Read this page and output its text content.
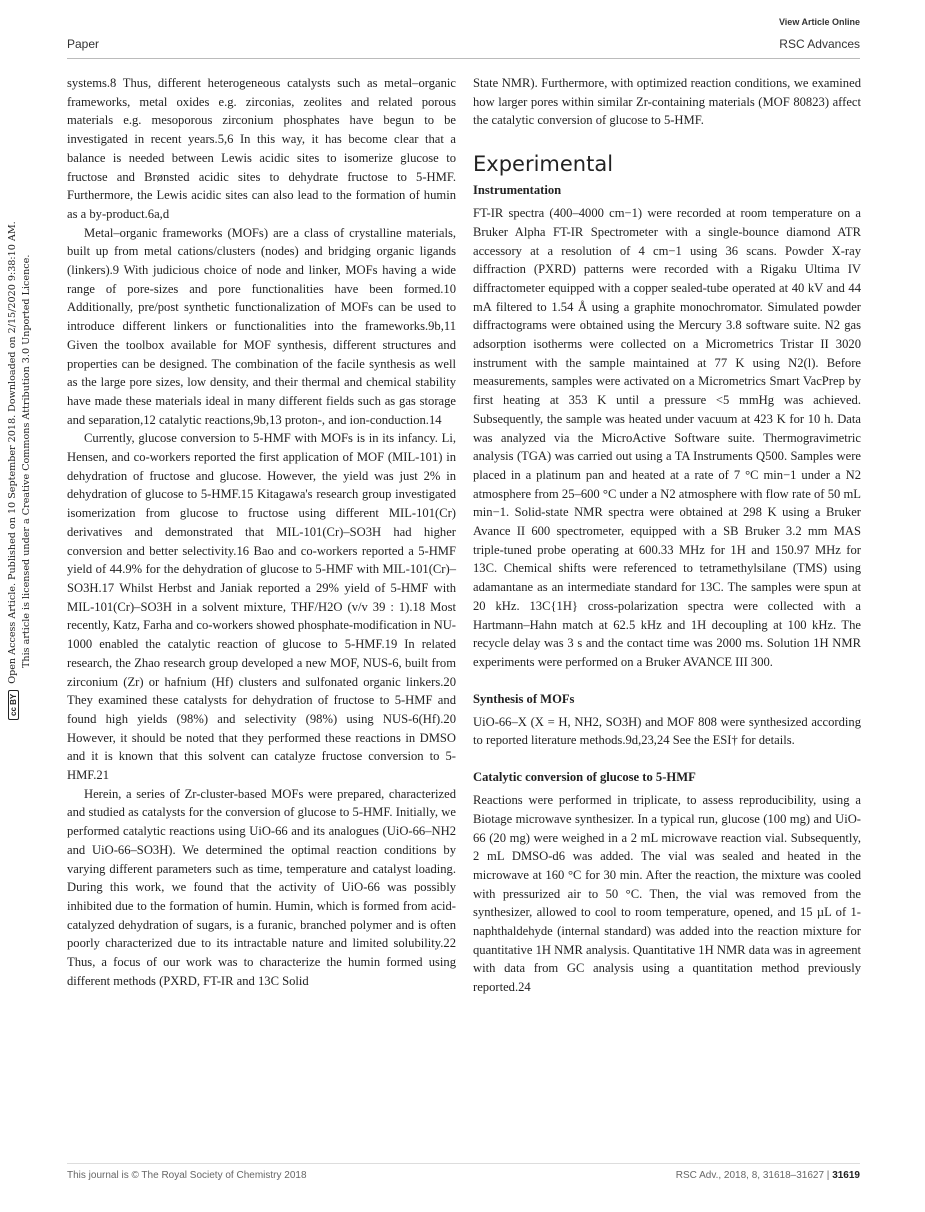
View Article Online
Paper	RSC Advances
cc BY
Open Access Article. Published on 10 September 2018. Downloaded on 2/15/2020 9:38:10 AM. This article is licensed under a Creative Commons Attribution 3.0 Unported Licence.

systems.8 Thus, different heterogeneous catalysts such as metal–organic frameworks, metal oxides e.g. zirconias, zeolites and related porous materials e.g. mesoporous zirconium phosphates have begun to be investigated in recent years.5,6 In this way, it has become clear that a balance is needed between Lewis acidic sites to isomerize glucose to fructose and Brønsted acidic sites to dehydrate fructose to 5-HMF. Furthermore, the Lewis acidic sites can also lead to the formation of humin as a by-product.6a,d

Metal–organic frameworks (MOFs) are a class of crystalline materials, built up from metal cations/clusters (nodes) and bridging organic ligands (linkers).9 With judicious choice of node and linker, MOFs having a wide range of pore-sizes and pore functionalities have been formed.10 Additionally, pre/post synthetic functionalization of MOFs can be used to introduce different linkers or functionalities into the frameworks.9b,11 Given the toolbox available for MOF synthesis, different structures and properties can be designed. The combination of the facile synthesis as well as the large pore sizes, low density, and their thermal and chemical stability have made these materials ideal in many different fields such as gas storage and separation,12 catalytic reactions,9b,13 proton-, and ion-conduction.14

Currently, glucose conversion to 5-HMF with MOFs is in its infancy. Li, Hensen, and co-workers reported the first application of MOF (MIL-101) in dehydration of fructose and glucose. However, the yield was just 2% in dehydration of glucose to 5-HMF.15 Kitagawa's research group investigated isomerization from glucose to fructose using different MIL-101(Cr) derivatives and demonstrated that MIL-101(Cr)–SO3H had higher conversion and better selectivity.16 Bao and co-workers reported a 5-HMF yield of 44.9% for the dehydration of glucose to 5-HMF with MIL-101(Cr)–SO3H.17 Whilst Herbst and Janiak reported a 29% yield of 5-HMF with MIL-101(Cr)–SO3H in a solvent mixture, THF/H2O (v/v 39 : 1).18 Most recently, Katz, Farha and co-workers showed phosphate-modification in NU-1000 enabled the catalytic reaction of glucose to 5-HMF.19 In related research, the Zhao research group developed a new MOF, NUS-6, built from zirconium (Zr) or hafnium (Hf) clusters and sulfonated organic linkers.20 They examined these catalysts for dehydration of fructose to 5-HMF and found high yields (98%) and selectivity (98%) using NUS-6(Hf).20 However, it should be noted that they performed these reactions in DMSO and it is known that this solvent can catalyze fructose conversion to 5-HMF.21

Herein, a series of Zr-cluster-based MOFs were prepared, characterized and studied as catalysts for the conversion of glucose to 5-HMF. Initially, we performed catalytic reactions using UiO-66 and its analogues (UiO-66–NH2 and UiO-66–SO3H). We determined the optimal reaction conditions by varying different parameters such as time, temperature and catalyst loading. During this work, we found that the activity of UiO-66 was possibly inhibited due to the formation of humin. Humin, which is formed from acid-catalyzed dehydration of sugars, is a furanic, branched polymer and is often poorly characterized due to its intractable nature and limited solubility.22 Thus, a focus of our work was to characterize the humin formed using different methods (PXRD, FT-IR and 13C Solid

State NMR). Furthermore, with optimized reaction conditions, we examined how larger pores within similar Zr-containing materials (MOF 80823) affect the catalytic conversion of glucose to 5-HMF.

Experimental
Instrumentation

FT-IR spectra (400–4000 cm−1) were recorded at room temperature on a Bruker Alpha FT-IR Spectrometer with a single-bounce diamond ATR accessory at a resolution of 4 cm−1 using 36 scans. Powder X-ray diffraction (PXRD) patterns were recorded with a Rigaku Ultima IV diffractometer equipped with a copper sealed-tube operated at 40 kV and 44 mA filtered to 1.54 Å using a graphite monochromator. Simulated powder diffractograms were obtained using the Mercury 3.8 software suite. N2 gas adsorption isotherms were collected on a Micrometrics Tristar II 3020 instrument with the sample maintained at 77 K using N2(l). Before measurements, samples were activated on a Micrometrics Smart VacPrep by first heating at 353 K until a pressure <5 mmHg was achieved. Subsequently, the sample was heated under vacuum at 423 K for 10 h. Data was analyzed via the MicroActive Software suite. Thermogravimetric analysis (TGA) was carried out using a TA Instruments Q500. Samples were placed in a platinum pan and heated at a rate of 7 °C min−1 under a N2 atmosphere from 25–600 °C under a N2 atmosphere with flow rate of 50 mL min−1. Solid-state NMR spectra were obtained at 298 K using a Bruker Avance II 600 spectrometer, equipped with a SB Bruker 3.2 mm MAS triple-tuned probe operating at 600.33 MHz for 1H and 150.97 MHz for 13C. Chemical shifts were referenced to tetramethylsilane (TMS) using adamantane as an intermediate standard for 13C. The samples were spun at 20 kHz. 13C{1H} cross-polarization spectra were collected with a Hartmann–Hahn match at 62.5 kHz and 1H decoupling at 100 kHz. The recycle delay was 3 s and the contact time was 2000 ms. Solution 1H NMR experiments were performed on a Bruker AVANCE III 300.

Synthesis of MOFs

UiO-66–X (X = H, NH2, SO3H) and MOF 808 were synthesized according to reported literature methods.9d,23,24 See the ESI† for details.

Catalytic conversion of glucose to 5-HMF

Reactions were performed in triplicate, to assess reproducibility, using a Biotage microwave synthesizer. In a typical run, glucose (100 mg) and UiO-66 (20 mg) were weighed in a 2 mL microwave reaction vial. Subsequently, 2 mL DMSO-d6 was added. The vial was sealed and heated in the microwave at 160 °C for 30 min. After the reaction, the mixture was cooled with pressurized air to 50 °C. Then, the vial was removed from the synthesizer, allowed to cool to room temperature, opened, and 15 µL of 1-naphthaldehyde (internal standard) was added into the reaction mixture for quantitative 1H NMR analysis. Quantitative 1H NMR data was in agreement with data from GC analysis using a quantitation method previously reported.24

This journal is © The Royal Society of Chemistry 2018	RSC Adv., 2018, 8, 31618–31627 | 31619
